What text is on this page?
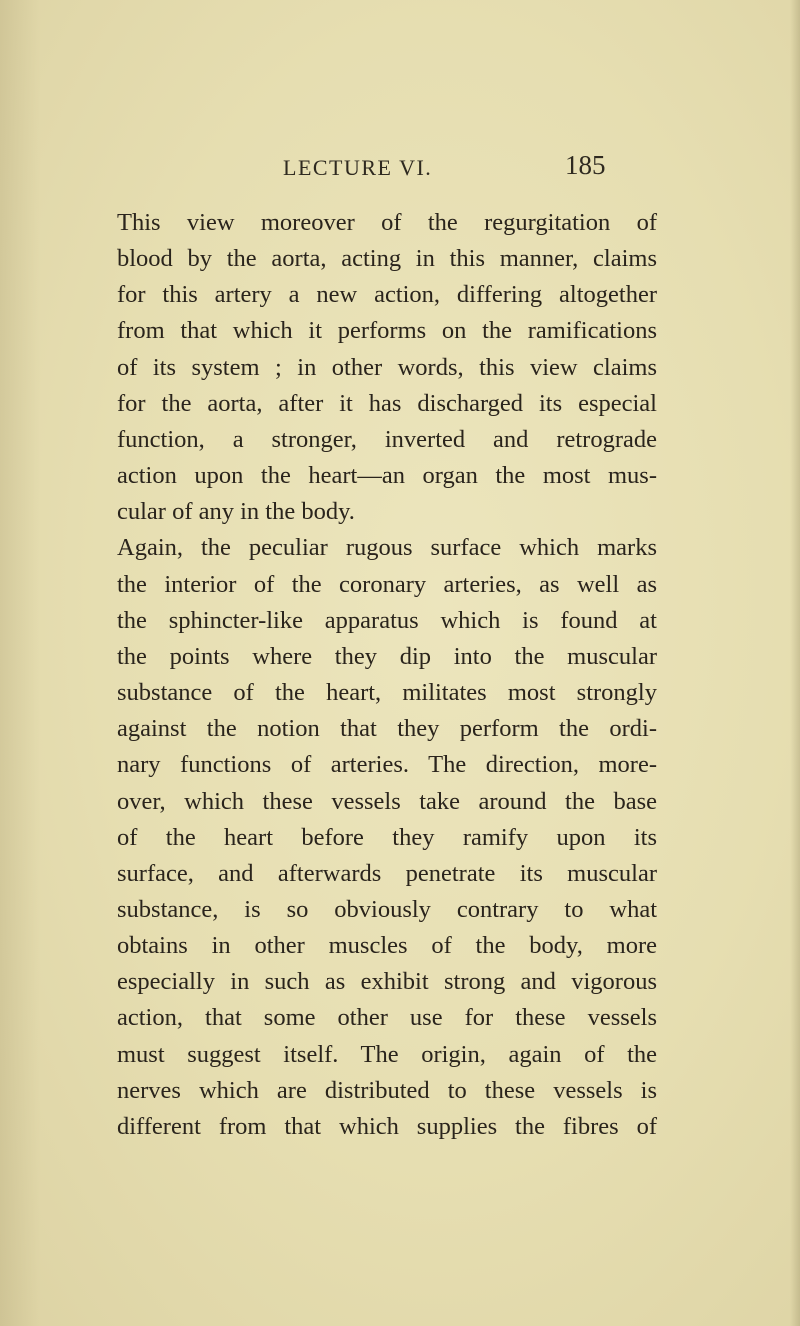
LECTURE VI.	185
This view moreover of the regurgitation of
blood by the aorta, acting in this manner, claims
for this artery a new action, differing altogether
from that which it performs on the ramifications
of its system ; in other words, this view claims
for the aorta, after it has discharged its especial
function, a stronger, inverted and retrograde
action upon the heart—an organ the most mus-
cular of any in the body.
Again, the peculiar rugous surface which marks
the interior of the coronary arteries, as well as
the sphincter-like apparatus which is found at
the points where they dip into the muscular
substance of the heart, militates most strongly
against the notion that they perform the ordi-
nary functions of arteries. The direction, more-
over, which these vessels take around the base
of the heart before they ramify upon its
surface, and afterwards penetrate its muscular
substance, is so obviously contrary to what
obtains in other muscles of the body, more
especially in such as exhibit strong and vigorous
action, that some other use for these vessels
must suggest itself. The origin, again of the
nerves which are distributed to these vessels is
different from that which supplies the fibres of
